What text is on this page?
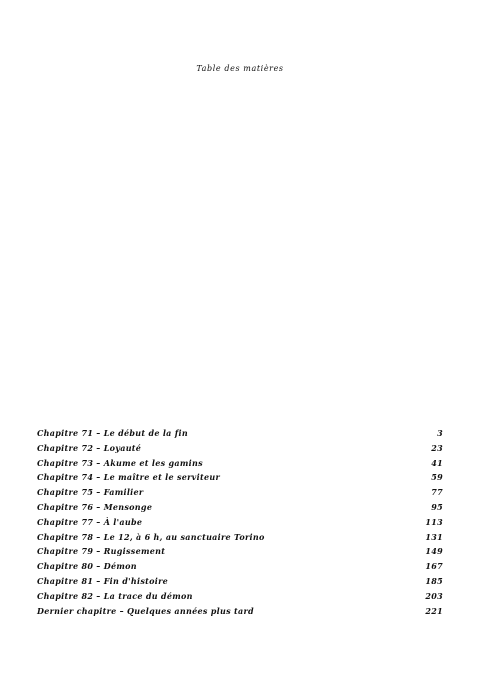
Table des matières
Chapitre 71 – Le début de la fin	3
Chapitre 72 – Loyauté	23
Chapitre 73 – Akume et les gamins	41
Chapitre 74 – Le maître et le serviteur	59
Chapitre 75 – Familier	77
Chapitre 76 – Mensonge	95
Chapitre 77 – À l'aube	113
Chapitre 78 – Le 12, à 6 h, au sanctuaire Torino	131
Chapitre 79 – Rugissement	149
Chapitre 80 – Démon	167
Chapitre 81 – Fin d'histoire	185
Chapitre 82 – La trace du démon	203
Dernier chapitre – Quelques années plus tard	221
